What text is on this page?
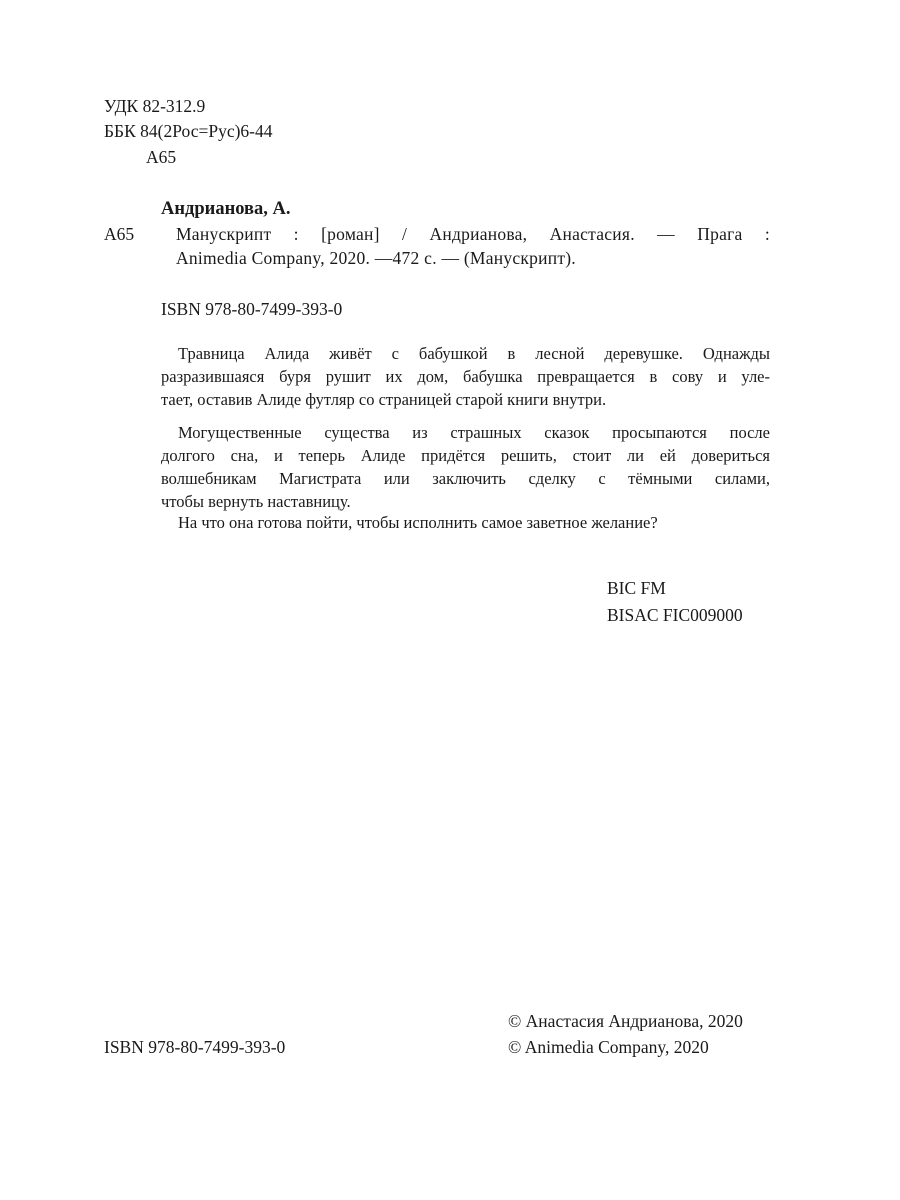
УДК 82-312.9
ББК 84(2Рос=Рус)6-44
А65
Андрианова, А.
А65 Манускрипт : [роман] / Андрианова, Анастасия. — Прага :
Animedia Company, 2020. —472 с. — (Манускрипт).
ISBN 978-80-7499-393-0
Травница Алида живёт с бабушкой в лесной деревушке. Однажды
разразившаяся буря рушит их дом, бабушка превращается в сову и уле-
тает, оставив Алиде футляр со страницей старой книги внутри.
Могущественные существа из страшных сказок просыпаются после
долгого сна, и теперь Алиде придётся решить, стоит ли ей довериться
волшебникам Магистрата или заключить сделку с тёмными силами,
чтобы вернуть наставницу.
На что она готова пойти, чтобы исполнить самое заветное желание?
BIC FM
BISAC FIC009000
© Анастасия Андрианова, 2020
© Animedia Company, 2020
ISBN 978-80-7499-393-0
